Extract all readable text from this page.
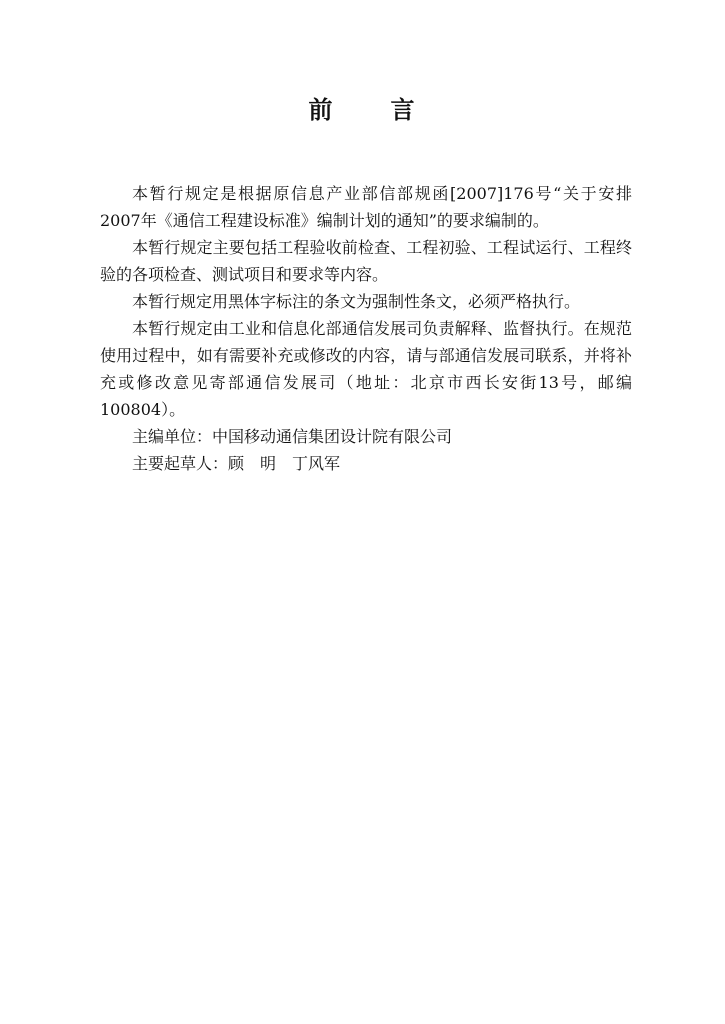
前 言

本暂行规定是根据原信息产业部信部规函[2007]176号“关于安排2007年《通信工程建设标准》编制计划的通知”的要求编制的。

本暂行规定主要包括工程验收前检查、工程初验、工程试运行、工程终验的各项检查、测试项目和要求等内容。

本暂行规定用黑体字标注的条文为强制性条文，必须严格执行。

本暂行规定由工业和信息化部通信发展司负责解释、监督执行。在规范使用过程中，如有需要补充或修改的内容，请与部通信发展司联系，并将补充或修改意见寄部通信发展司（地址：北京市西长安街13号，邮编100804）。

主编单位：中国移动通信集团设计院有限公司

主要起草人：顾　明　丁风军
